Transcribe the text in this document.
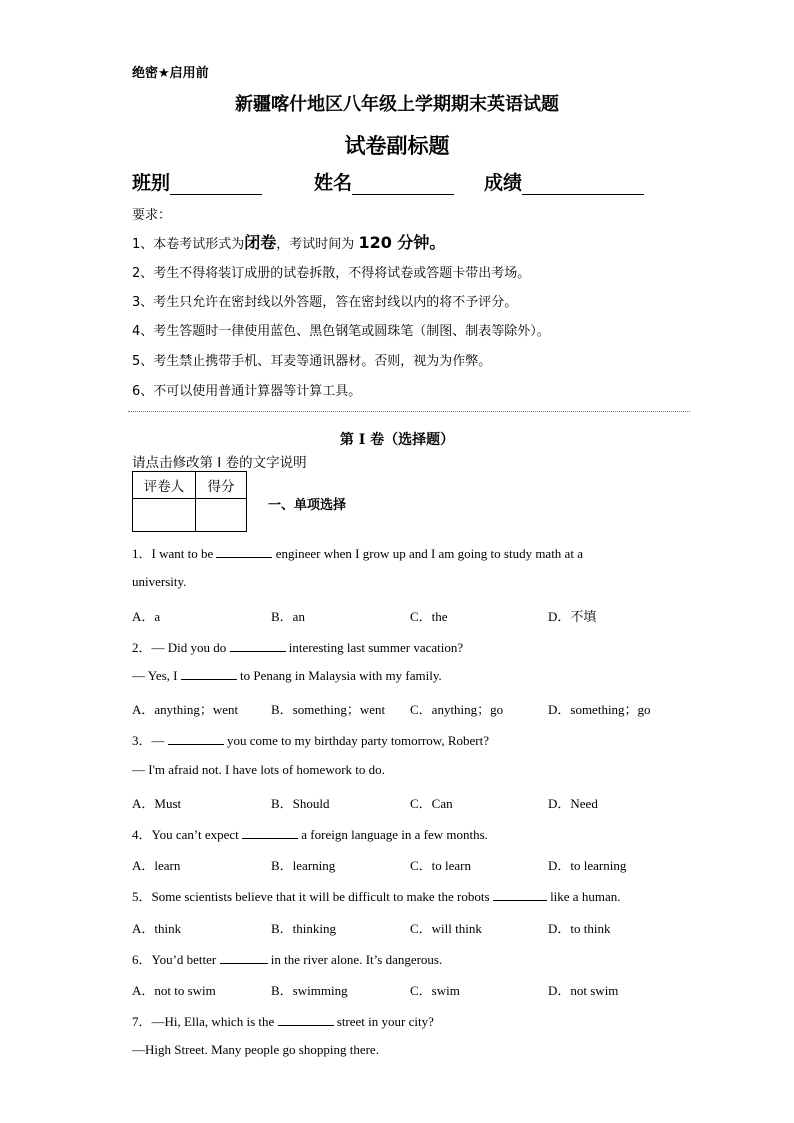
绝密★启用前
新疆喀什地区八年级上学期期末英语试题
试卷副标题
班别	姓名	成绩
要求：
1、本卷考试形式为闭卷，考试时间为 120 分钟。
2、考生不得将装订成册的试卷拆散，不得将试卷或答题卡带出考场。
3、考生只允许在密封线以外答题，答在密封线以内的将不予评分。
4、考生答题时一律使用蓝色、黑色钢笔或圆珠笔（制图、制表等除外）。
5、考生禁止携带手机、耳麦等通讯器材。否则，视为为作弊。
6、不可以使用普通计算器等计算工具。
第 I 卷（选择题）
请点击修改第 I 卷的文字说明
评卷人	得分

一、单项选择
1．I want to be	engineer when I grow up and I am going to study math at a
university.
A．a	B．an	C．the	D．不填
2．— Did you do	interesting last summer vacation?
— Yes, I	to Penang in Malaysia with my family.
A．anything；went	B．something；went C．anything；go	D．something；go
3．—	you come to my birthday party tomorrow, Robert?
— I'm afraid not. I have lots of homework to do.
A．Must	B．Should	C．Can	D．Need
4．You can’t expect	a foreign language in a few months.
A．learn	B．learning	C．to learn	D．to learning
5．Some scientists believe that it will be difficult to make the robots	like a human.
A．think	B．thinking	C．will think	D．to think
6．You’d better	in the river alone. It’s dangerous.
A．not to swim	B．swimming	C．swim	D．not swim
7．—Hi, Ella, which is the	street in your city?
—High Street. Many people go shopping there.
